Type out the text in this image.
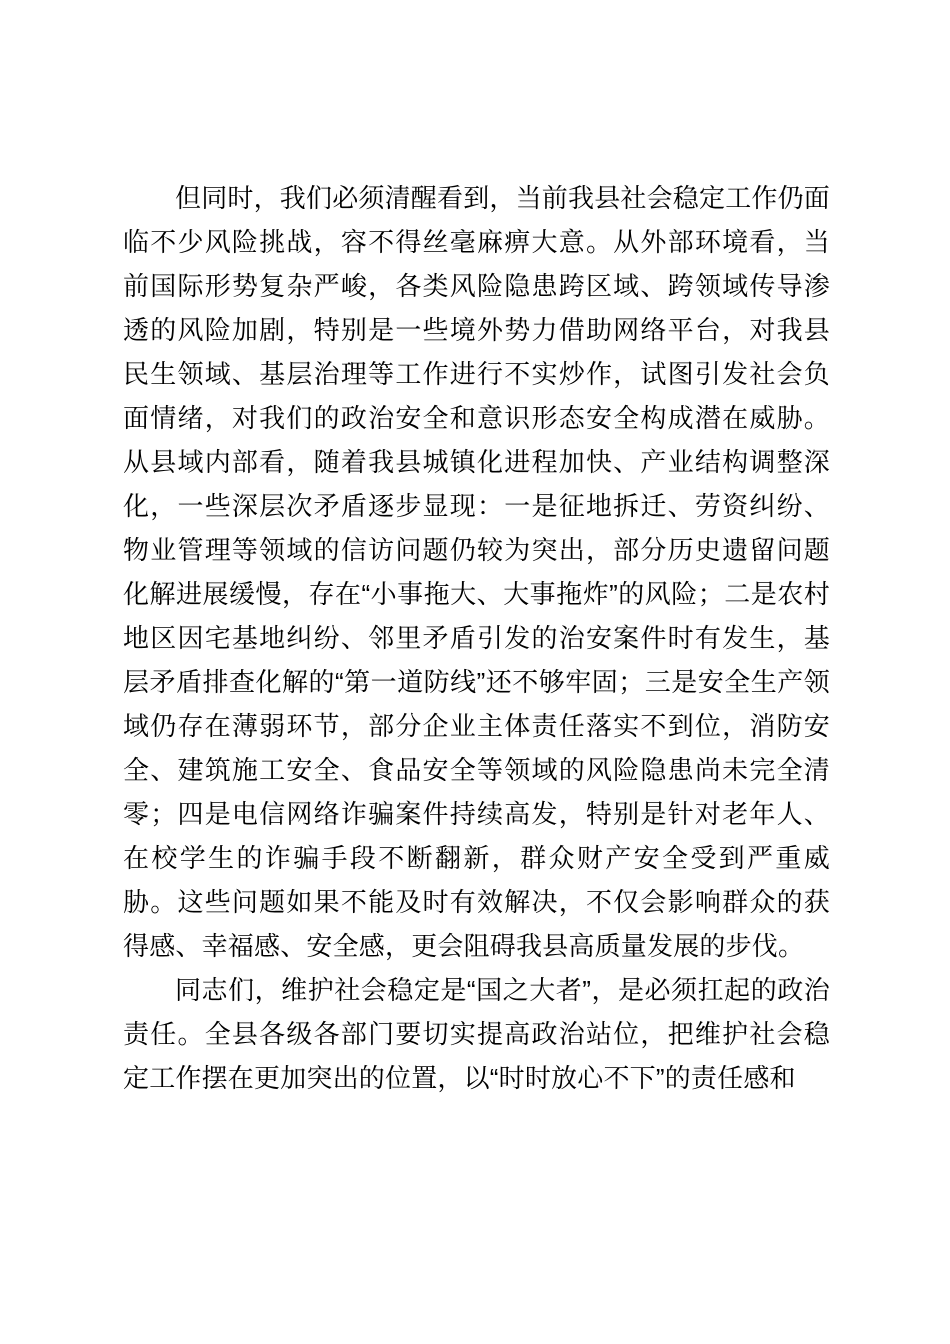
但同时，我们必须清醒看到，当前我县社会稳定工作仍面临不少风险挑战，容不得丝毫麻痹大意。从外部环境看，当前国际形势复杂严峻，各类风险隐患跨区域、跨领域传导渗透的风险加剧，特别是一些境外势力借助网络平台，对我县民生领域、基层治理等工作进行不实炒作，试图引发社会负面情绪，对我们的政治安全和意识形态安全构成潜在威胁。从县域内部看，随着我县城镇化进程加快、产业结构调整深化，一些深层次矛盾逐步显现：一是征地拆迁、劳资纠纷、物业管理等领域的信访问题仍较为突出，部分历史遗留问题化解进展缓慢，存在“小事拖大、大事拖炸”的风险；二是农村地区因宅基地纠纷、邻里矛盾引发的治安案件时有发生，基层矛盾排查化解的“第一道防线”还不够牢固；三是安全生产领域仍存在薄弱环节，部分企业主体责任落实不到位，消防安全、建筑施工安全、食品安全等领域的风险隐患尚未完全清零；四是电信网络诈骗案件持续高发，特别是针对老年人、在校学生的诈骗手段不断翻新，群众财产安全受到严重威胁。这些问题如果不能及时有效解决，不仅会影响群众的获得感、幸福感、安全感，更会阻碍我县高质量发展的步伐。

同志们，维护社会稳定是“国之大者”，是必须扛起的政治责任。全县各级各部门要切实提高政治站位，把维护社会稳定工作摆在更加突出的位置，以“时时放心不下”的责任感和
